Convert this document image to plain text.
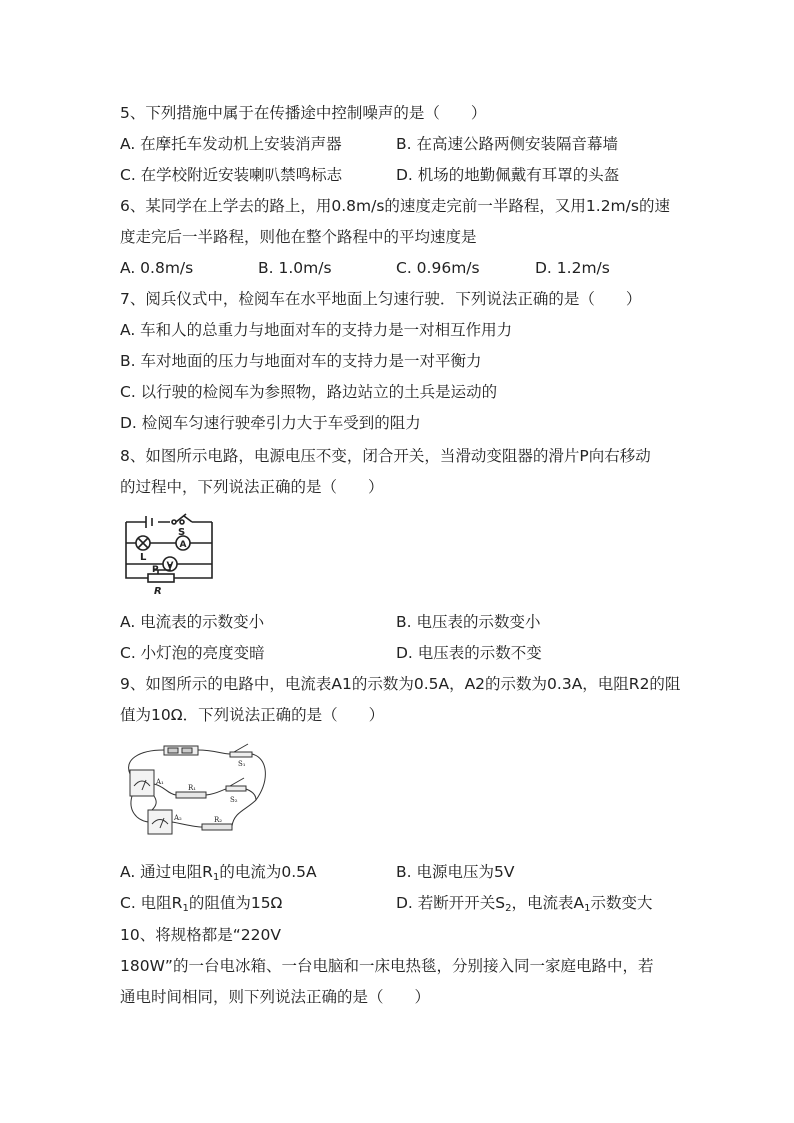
5、下列措施中属于在传播途中控制噪声的是（　　）
A. 在摩托车发动机上安装消声器	B. 在高速公路两侧安装隔音幕墙
C. 在学校附近安装喇叭禁鸣标志	D. 机场的地勤佩戴有耳罩的头盔
6、某同学在上学去的路上，用0.8m/s的速度走完前一半路程，又用1.2m/s的速
度走完后一半路程，则他在整个路程中的平均速度是
A. 0.8m/s	B. 1.0m/s	C. 0.96m/s	D. 1.2m/s
7、阅兵仪式中，检阅车在水平地面上匀速行驶．下列说法正确的是（　　）
A. 车和人的总重力与地面对车的支持力是一对相互作用力
B. 车对地面的压力与地面对车的支持力是一对平衡力
C. 以行驶的检阅车为参照物，路边站立的土兵是运动的
D. 检阅车匀速行驶牵引力大于车受到的阻力
8、如图所示电路，电源电压不变，闭合开关，当滑动变阻器的滑片P向右移动
的过程中，下列说法正确的是（　　）
S
A
L
V
P
R
A. 电流表的示数变小	B. 电压表的示数变小
C. 小灯泡的亮度变暗	D. 电压表的示数不变
9、如图所示的电路中，电流表A1的示数为0.5A，A2的示数为0.3A，电阻R2的阻
值为10Ω．下列说法正确的是（　　）
S₁
S₂
R₁
R₂
A₁
A₂
A. 通过电阻$R_1$的电流为0.5A	B. 电源电压为5V
C. 电阻$R_1$的阻值为15Ω	D. 若断开开关$S_2$，电流表$A_1$示数变大
10、将规格都是“220V
180W”的一台电冰箱、一台电脑和一床电热毯，分别接入同一家庭电路中，若
通电时间相同，则下列说法正确的是（　　）
